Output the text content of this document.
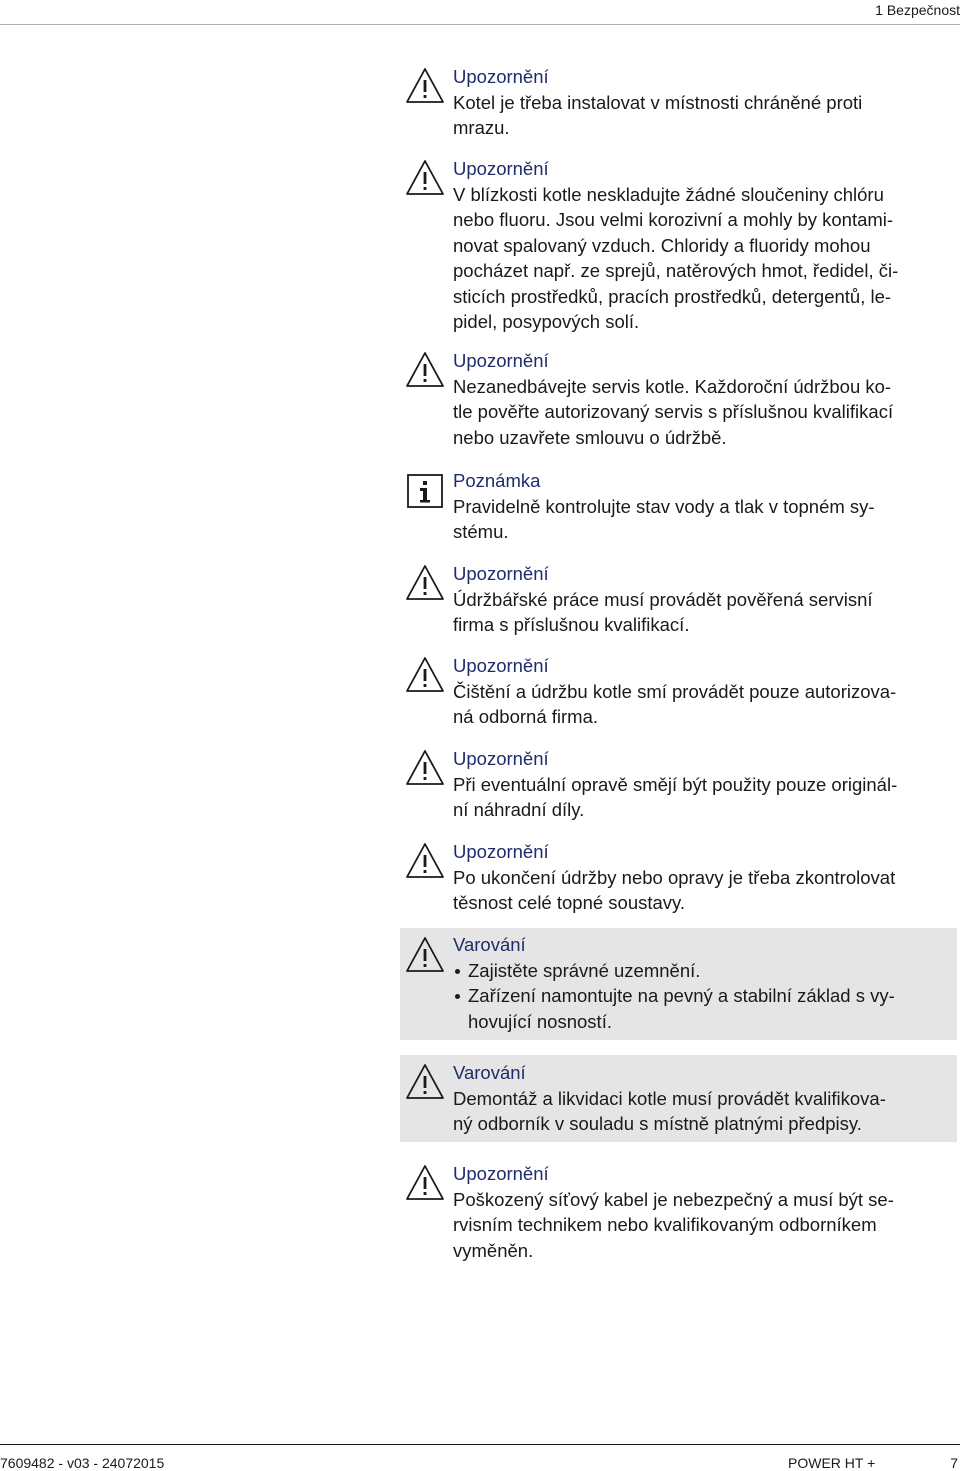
1 Bezpečnost
Upozornění
Kotel je třeba instalovat v místnosti chráněné proti
mrazu.
Upozornění
V blízkosti kotle neskladujte žádné sloučeniny chlóru
nebo fluoru. Jsou velmi korozivní a mohly by kontami-
novat spalovaný vzduch. Chloridy a fluoridy mohou
pocházet např. ze sprejů, natěrových hmot, ředidel, či-
sticích prostředků, pracích prostředků, detergentů, le-
pidel, posypových solí.
Upozornění
Nezanedbávejte servis kotle. Každoroční údržbou ko-
tle pověřte autorizovaný servis s příslušnou kvalifikací
nebo uzavřete smlouvu o údržbě.
Poznámka
Pravidelně kontrolujte stav vody a tlak v topném sy-
stému.
Upozornění
Údržbářské práce musí provádět pověřená servisní
firma s příslušnou kvalifikací.
Upozornění
Čištění a údržbu kotle smí provádět pouze autorizova-
ná odborná firma.
Upozornění
Při eventuální opravě smějí být použity pouze originál-
ní náhradní díly.
Upozornění
Po ukončení údržby nebo opravy je třeba zkontrolovat
těsnost celé topné soustavy.
Varování
Zajistěte správné uzemnění.
Zařízení namontujte na pevný a stabilní základ s vy-
hovující nosností.
Varování
Demontáž a likvidaci kotle musí provádět kvalifikova-
ný odborník v souladu s místně platnými předpisy.
Upozornění
Poškozený síťový kabel je nebezpečný a musí být se-
rvisním technikem nebo kvalifikovaným odborníkem
vyměněn.
7609482 - v03 - 24072015	POWER HT +	7
